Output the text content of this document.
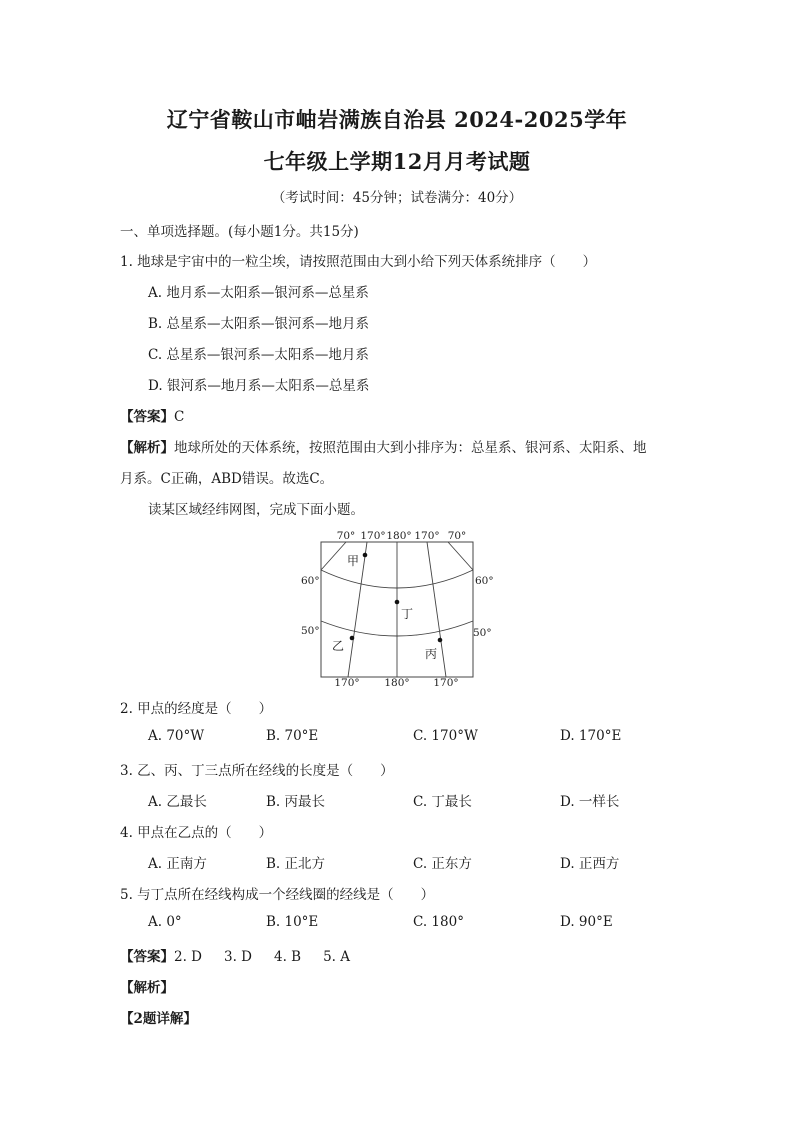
辽宁省鞍山市岫岩满族自治县 2024-2025学年
七年级上学期12月月考试题
（考试时间：45分钟；试卷满分：40分）
一、单项选择题。(每小题1分。共15分)
1. 地球是宇宙中的一粒尘埃，请按照范围由大到小给下列天体系统排序（　　）
A. 地月系—太阳系—银河系—总星系
B. 总星系—太阳系—银河系—地月系
C. 总星系—银河系—太阳系—地月系
D. 银河系—地月系—太阳系—总星系
【答案】C
【解析】地球所处的天体系统，按照范围由大到小排序为：总星系、银河系、太阳系、地
月系。C正确，ABD错误。故选C。
读某区域经纬网图，完成下面小题。
70° 170° 180° 170° 70°
170° 180° 170°
60°
50°
60°
50°
甲
丁
乙
丙
2. 甲点的经度是（　　）
A. 70°W	B. 70°E	C. 170°W	D. 170°E
3. 乙、丙、丁三点所在经线的长度是（　　）
A. 乙最长	B. 丙最长	C. 丁最长	D. 一样长
4. 甲点在乙点的（　　）
A. 正南方	B. 正北方	C. 正东方	D. 正西方
5. 与丁点所在经线构成一个经线圈的经线是（　　）
A. 0°	B. 10°E	C. 180°	D. 90°E
【答案】2. D 3. D 4. B 5. A
【解析】
【2题详解】
